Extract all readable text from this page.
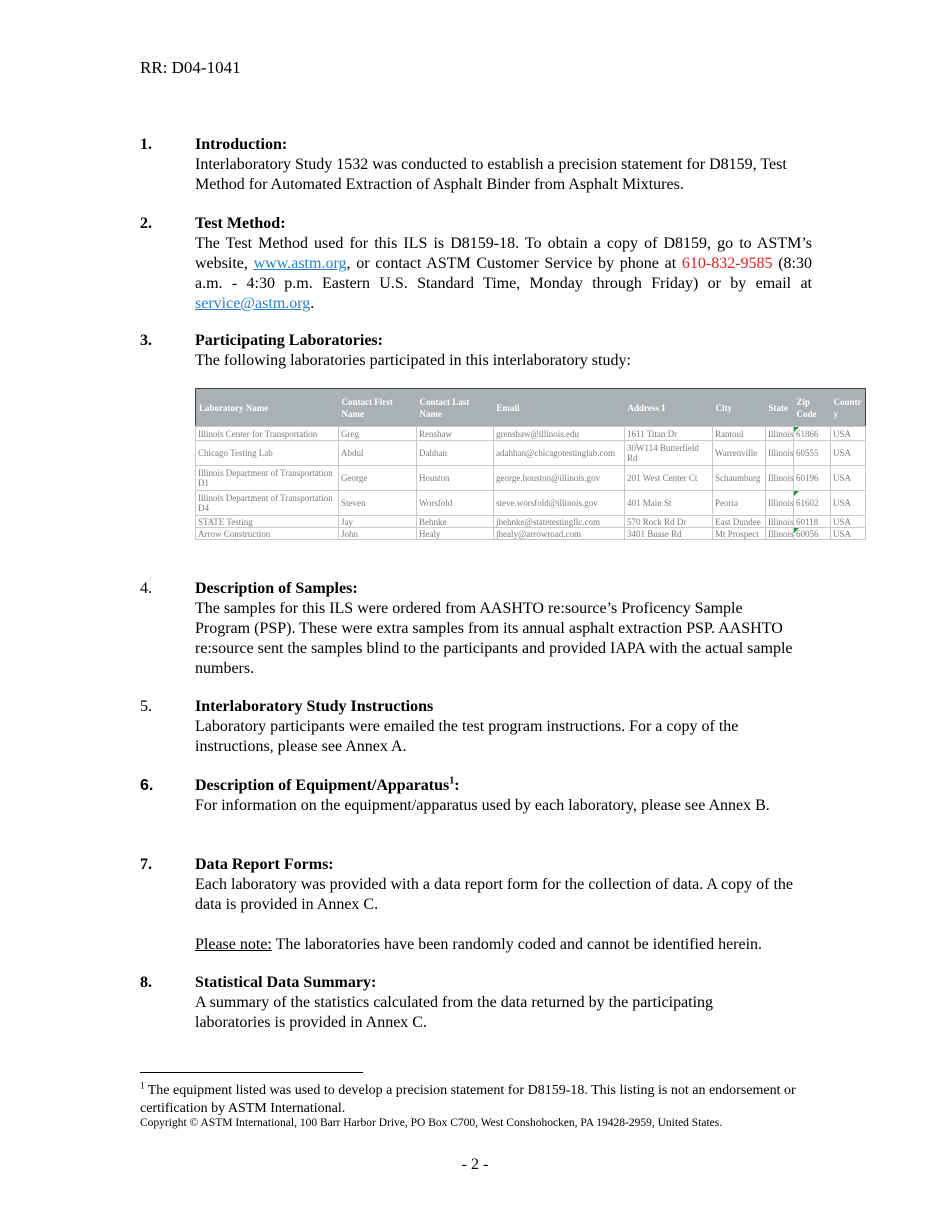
RR: D04-1041
1.	Introduction:
Interlaboratory Study 1532 was conducted to establish a precision statement for D8159, Test Method for Automated Extraction of Asphalt Binder from Asphalt Mixtures.
2.	Test Method:
The Test Method used for this ILS is D8159-18. To obtain a copy of D8159, go to ASTM’s website, www.astm.org, or contact ASTM Customer Service by phone at 610-832-9585 (8:30 a.m. - 4:30 p.m. Eastern U.S. Standard Time, Monday through Friday) or by email at service@astm.org.
3.	Participating Laboratories:
The following laboratories participated in this interlaboratory study:
Laboratory Name	Contact First Name	Contact Last Name	Email	Address 1	City	State	Zip Code	Countr y
Illinois Center for Transportation	Greg	Renshaw	grenshaw@illinois.edu	1611 Titan Dr	Rantoul	Illinois	61866	USA
Chicago Testing Lab	Abdul	Dahhan	adahhan@chicagotestinglab.com	30W114 Butterfield Rd	Warrenville	Illinois	60555	USA
Illinois Department of Transportation D1	George	Houston	george.houston@illinois.gov	201 West Center Ct	Schaumburg	Illinois	60196	USA
Illinois Department of Transportation D4	Steven	Worsfold	steve.worsfold@illinois.gov	401 Main St	Peoria	Illinois	61602	USA
STATE Testing	Jay	Behnke	jbehnke@statetestingllc.com	570 Rock Rd Dr	East Dundee	Illinois	60118	USA
Arrow Construction	John	Healy	jhealy@arrowroad.com	3401 Busse Rd	Mt Prospect	Illinois	60056	USA
4.	Description of Samples:
The samples for this ILS were ordered from AASHTO re:source’s Proficency Sample Program (PSP). These were extra samples from its annual asphalt extraction PSP. AASHTO re:source sent the samples blind to the participants and provided IAPA with the actual sample numbers.
5.	Interlaboratory Study Instructions
Laboratory participants were emailed the test program instructions. For a copy of the instructions, please see Annex A.
6.	Description of Equipment/Apparatus$^1$:
For information on the equipment/apparatus used by each laboratory, please see Annex B.
7.	Data Report Forms:
Each laboratory was provided with a data report form for the collection of data. A copy of the data is provided in Annex C.
Please note: The laboratories have been randomly coded and cannot be identified herein.
8.	Statistical Data Summary:
A summary of the statistics calculated from the data returned by the participating laboratories is provided in Annex C.
$^1$ The equipment listed was used to develop a precision statement for D8159-18. This listing is not an endorsement or certification by ASTM International.
Copyright © ASTM International, 100 Barr Harbor Drive, PO Box C700, West Conshohocken, PA 19428-2959, United States.
- 2 -
